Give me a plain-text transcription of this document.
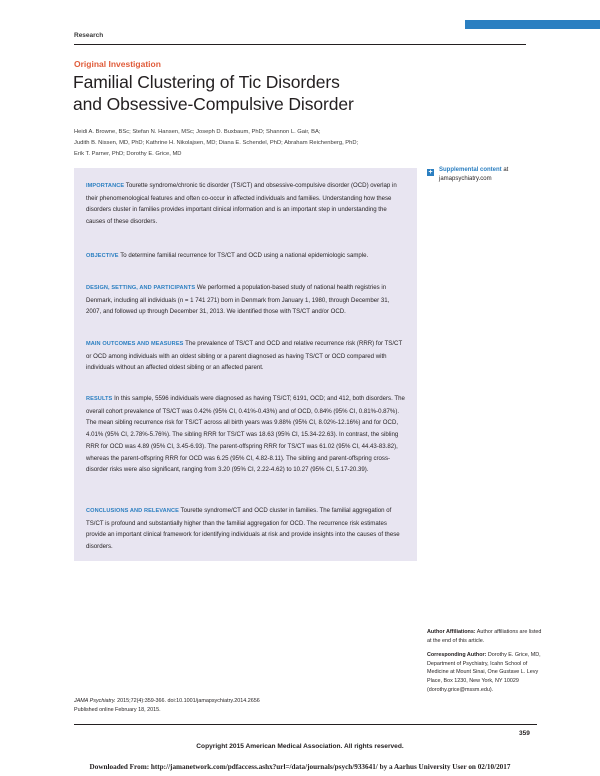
Research
Original Investigation
Familial Clustering of Tic Disorders
and Obsessive-Compulsive Disorder
Heidi A. Browne, BSc; Stefan N. Hansen, MSc; Joseph D. Buxbaum, PhD; Shannon L. Gair, BA;
Judith B. Nissen, MD, PhD; Kathrine H. Nikolajsen, MD; Diana E. Schendel, PhD; Abraham Reichenberg, PhD;
Erik T. Parner, PhD; Dorothy E. Grice, MD
IMPORTANCE Tourette syndrome/chronic tic disorder (TS/CT) and obsessive-compulsive disorder (OCD) overlap in their phenomenological features and often co-occur in affected individuals and families. Understanding how these disorders cluster in families provides important clinical information and is an important step in understanding the causes of these disorders.
OBJECTIVE To determine familial recurrence for TS/CT and OCD using a national epidemiologic sample.
DESIGN, SETTING, AND PARTICIPANTS We performed a population-based study of national health registries in Denmark, including all individuals (n = 1 741 271) born in Denmark from January 1, 1980, through December 31, 2007, and followed up through December 31, 2013. We identified those with TS/CT and/or OCD.
MAIN OUTCOMES AND MEASURES The prevalence of TS/CT and OCD and relative recurrence risk (RRR) for TS/CT or OCD among individuals with an oldest sibling or a parent diagnosed as having TS/CT or OCD compared with individuals without an affected oldest sibling or an affected parent.
RESULTS In this sample, 5596 individuals were diagnosed as having TS/CT; 6191, OCD; and 412, both disorders. The overall cohort prevalence of TS/CT was 0.42% (95% CI, 0.41%-0.43%) and of OCD, 0.84% (95% CI, 0.81%-0.87%). The mean sibling recurrence risk for TS/CT across all birth years was 9.88% (95% CI, 8.02%-12.16%) and for OCD, 4.01% (95% CI, 2.78%-5.76%). The sibling RRR for TS/CT was 18.63 (95% CI, 15.34-22.63). In contrast, the sibling RRR for OCD was 4.89 (95% CI, 3.45-6.93). The parent-offspring RRR for TS/CT was 61.02 (95% CI, 44.43-83.82), whereas the parent-offspring RRR for OCD was 6.25 (95% CI, 4.82-8.11). The sibling and parent-offspring cross-disorder risks were also significant, ranging from 3.20 (95% CI, 2.22-4.62) to 10.27 (95% CI, 5.17-20.39).
CONCLUSIONS AND RELEVANCE Tourette syndrome/CT and OCD cluster in families. The familial aggregation of TS/CT is profound and substantially higher than the familial aggregation for OCD. The recurrence risk estimates provide an important clinical framework for identifying individuals at risk and provide insights into the causes of these disorders.
+ Supplemental content at
jamapsychiatry.com
Author Affiliations: Author affiliations are listed at the end of this article.
Corresponding Author: Dorothy E. Grice, MD, Department of Psychiatry, Icahn School of Medicine at Mount Sinai, One Gustave L. Levy Place, Box 1230, New York, NY 10029 (dorothy.grice@mssm.edu).
JAMA Psychiatry. 2015;72(4):359-366. doi:10.1001/jamapsychiatry.2014.2656
Published online February 18, 2015.
359
Copyright 2015 American Medical Association. All rights reserved.
Downloaded From: http://jamanetwork.com/pdfaccess.ashx?url=/data/journals/psych/933641/ by a Aarhus University User on 02/10/2017
